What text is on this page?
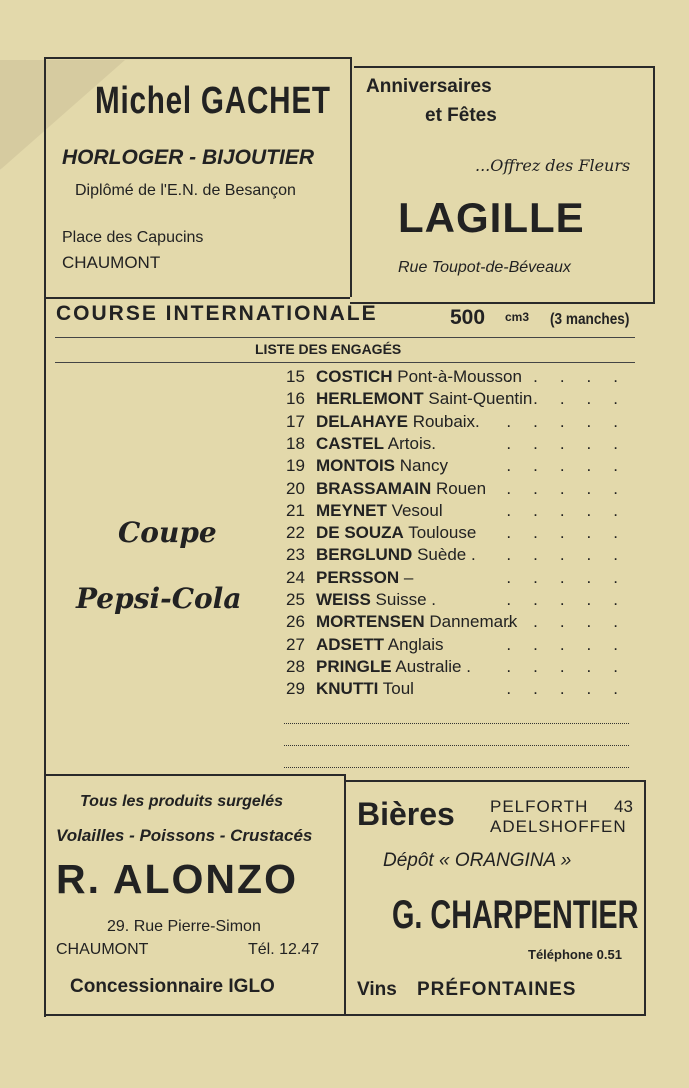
Michel GACHET
HORLOGER - BIJOUTIER
Diplômé de l'E.N. de Besançon
Place des Capucins
CHAUMONT
Anniversaires
et Fêtes
...Offrez des Fleurs
LAGILLE
Rue Toupot-de-Béveaux
COURSE INTERNATIONALE	500 cm3 (3 manches)
LISTE DES ENGAGÉS
Coupe
Pepsi-Cola
15 COSTICH Pont-à-Mousson
.....
16 HERLEMONT Saint-Quentin
.....
17 DELAHAYE Roubaix.	.....
18 CASTEL Artois.	.....
19 MONTOIS Nancy	.....
20 BRASSAMAIN Rouen	.....
21 MEYNET Vesoul	.....
22 DE SOUZA Toulouse	.....
23 BERGLUND Suède .	.....
24 PERSSON –	.....
25 WEISS Suisse .	.....
26 MORTENSEN Dannemark
.....
27 ADSETT Anglais	.....
28 PRINGLE Australie .	.....
29 KNUTTI Toul	.....
Tous les produits surgelés
Volailles - Poissons - Crustacés
R. ALONZO
29. Rue Pierre-Simon
CHAUMONT	Tél. 12.47
Concessionnaire IGLO
Bières PELFORTH 43
ADELSHOFFEN
Dépôt « ORANGINA »
G. CHARPENTIER
Téléphone 0.51
Vins PRÉFONTAINES
